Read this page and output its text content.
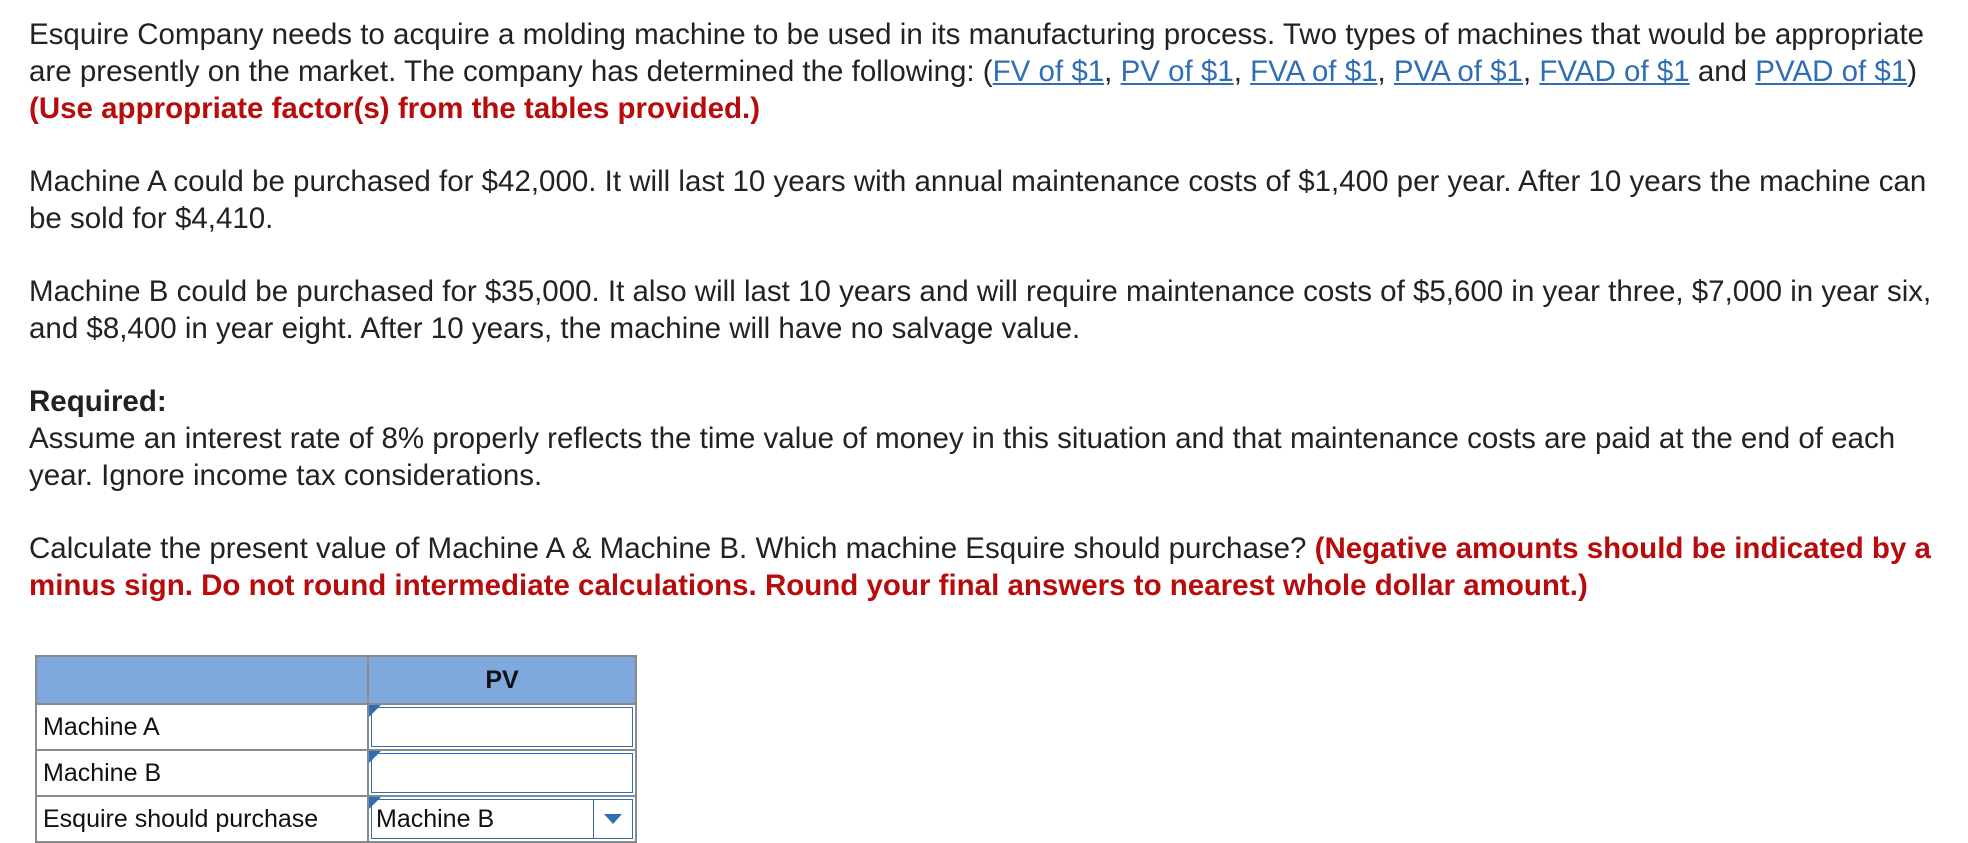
Esquire Company needs to acquire a molding machine to be used in its manufacturing process. Two types of machines that would be appropriate are presently on the market. The company has determined the following: (FV of $1, PV of $1, FVA of $1, PVA of $1, FVAD of $1 and PVAD of $1) (Use appropriate factor(s) from the tables provided.)

Machine A could be purchased for $42,000. It will last 10 years with annual maintenance costs of $1,400 per year. After 10 years the machine can be sold for $4,410.

Machine B could be purchased for $35,000. It also will last 10 years and will require maintenance costs of $5,600 in year three, $7,000 in year six, and $8,400 in year eight. After 10 years, the machine will have no salvage value.

Required:
Assume an interest rate of 8% properly reflects the time value of money in this situation and that maintenance costs are paid at the end of each year. Ignore income tax considerations.

Calculate the present value of Machine A & Machine B. Which machine Esquire should purchase? (Negative amounts should be indicated by a minus sign. Do not round intermediate calculations. Round your final answers to nearest whole dollar amount.)

	PV
Machine A	

Machine B	

Esquire should purchase	Machine B
